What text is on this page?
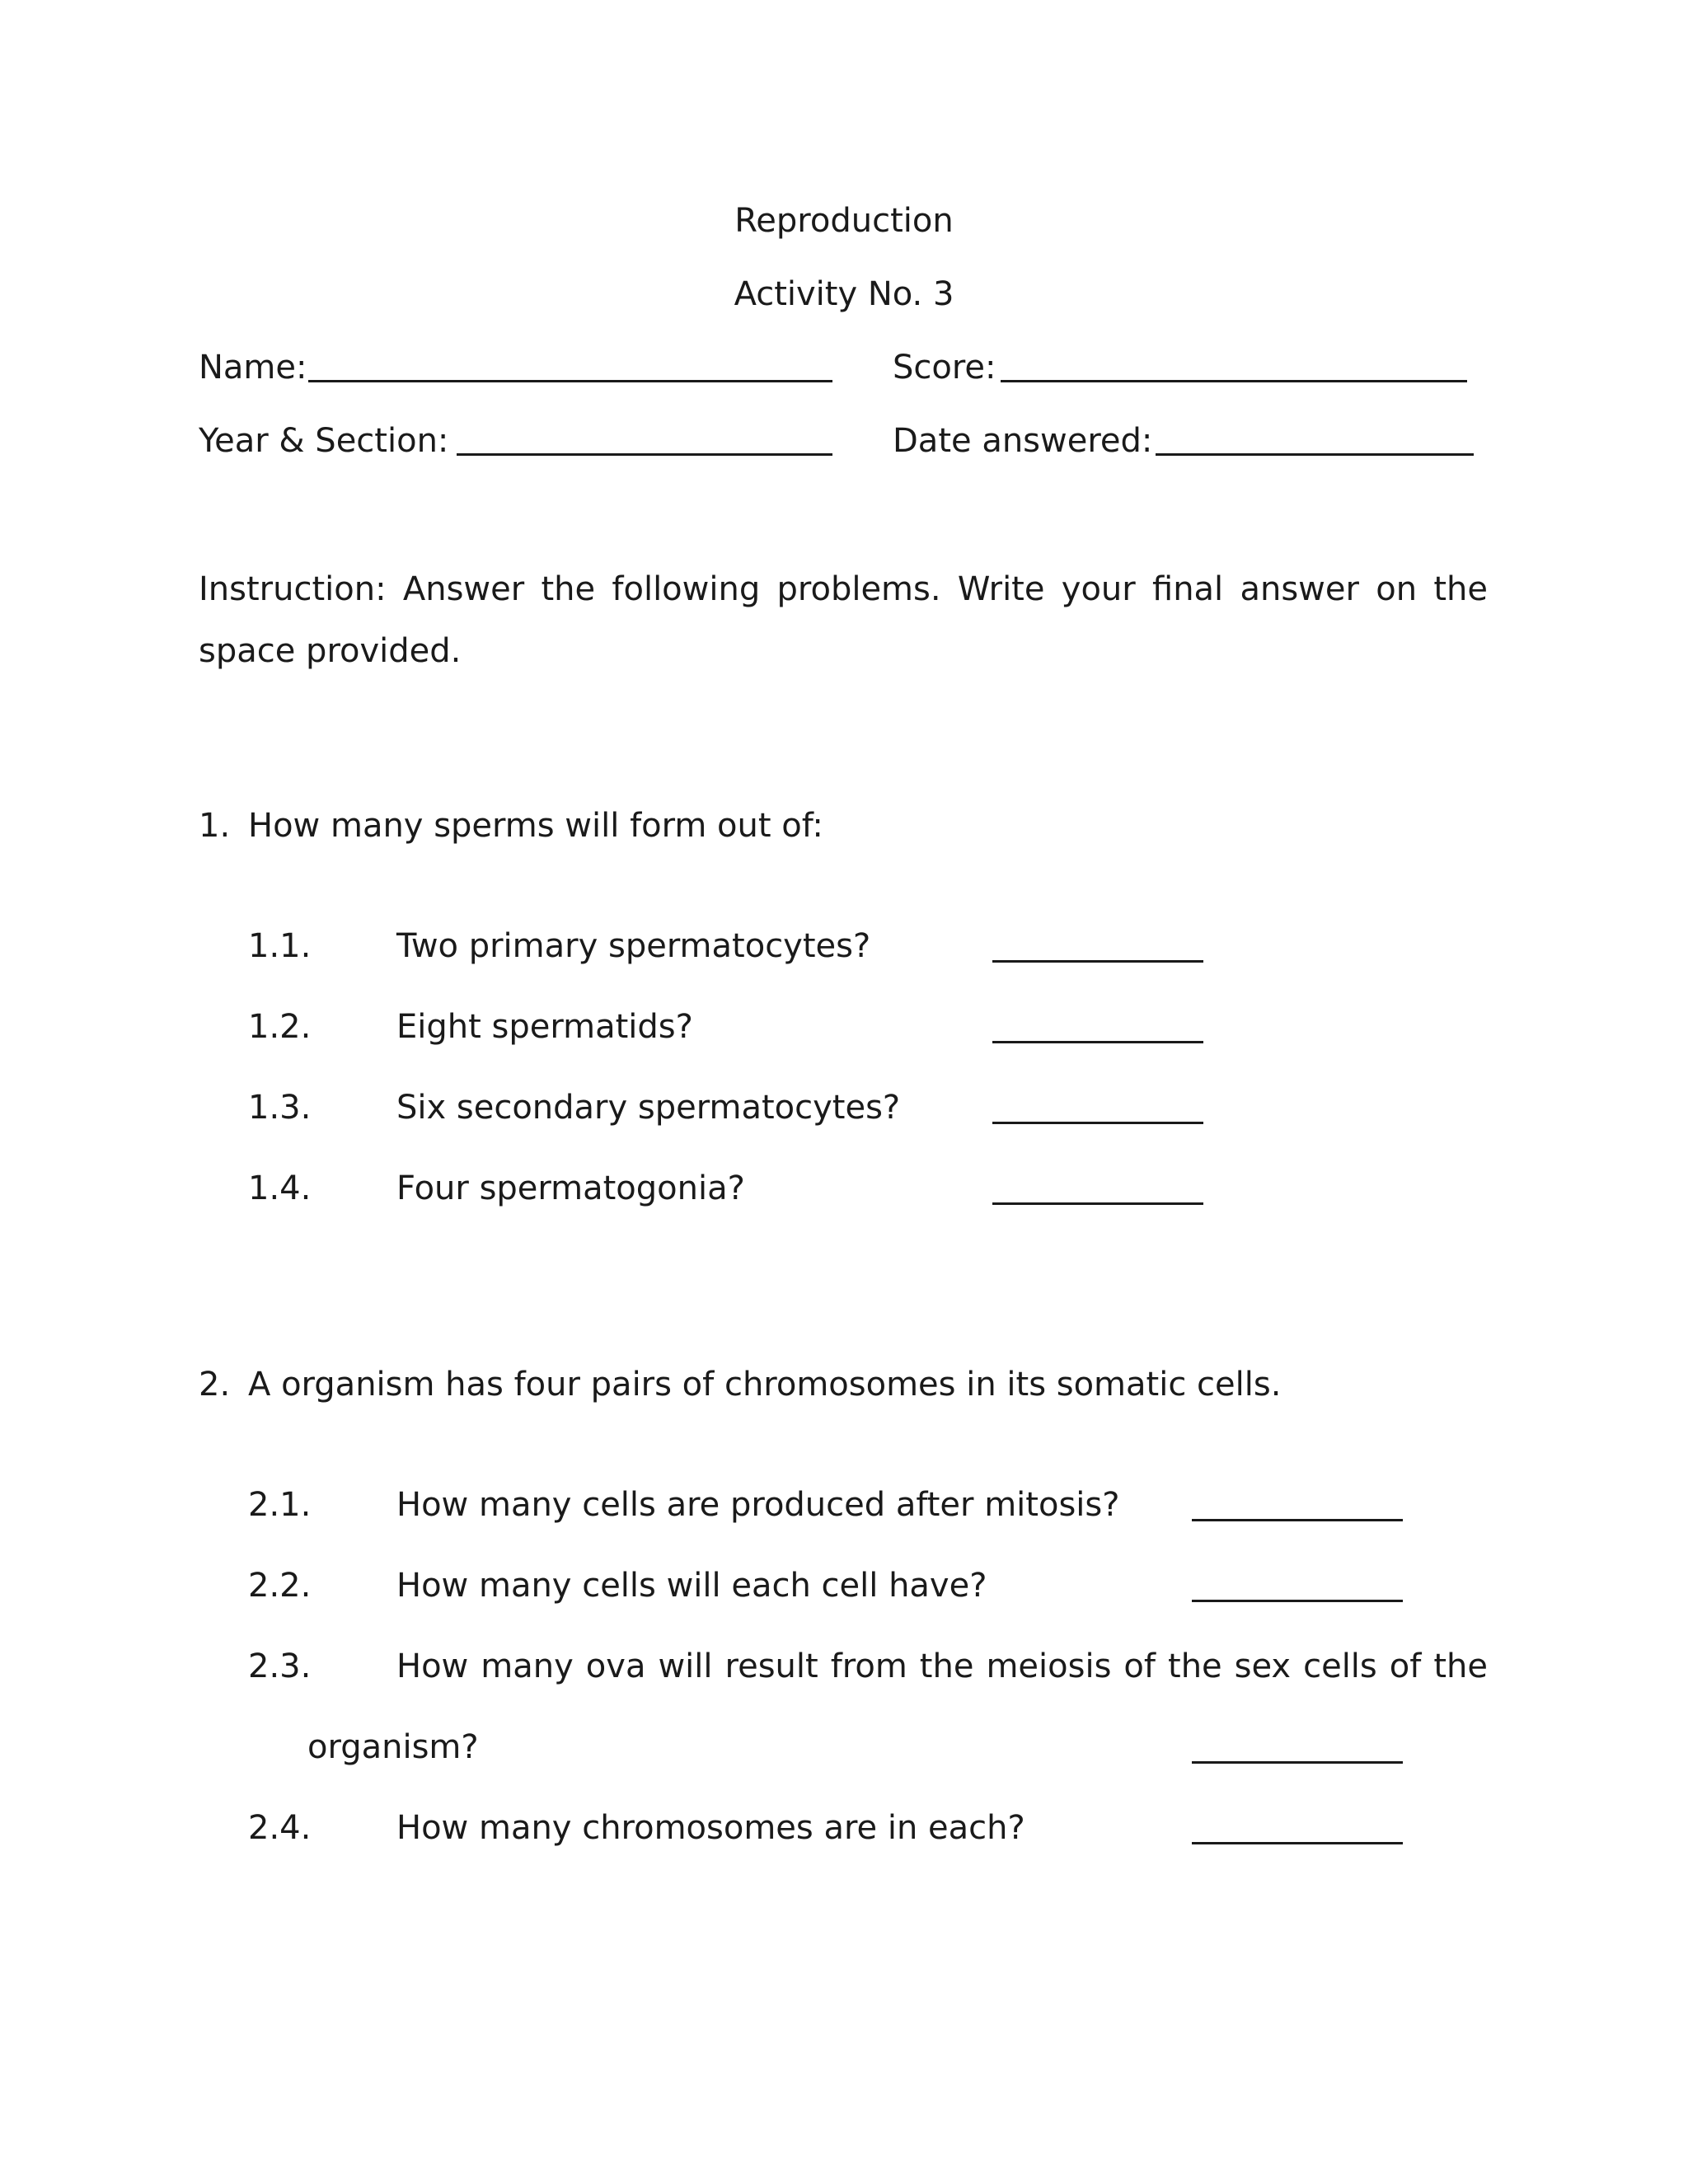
Reproduction
Activity No. 3
Name:	Score:
Year & Section:	Date answered:
Instruction: Answer the following problems. Write your final answer on the
space provided.
1. How many sperms will form out of:
1.1.	Two primary spermatocytes?
1.2.	Eight spermatids?
1.3.	Six secondary spermatocytes?
1.4.	Four spermatogonia?
2. A organism has four pairs of chromosomes in its somatic cells.
2.1.	How many cells are produced after mitosis?
2.2.	How many cells will each cell have?
2.3.	How many ova will result from the meiosis of the sex cells of the
organism?
2.4.	How many chromosomes are in each?
